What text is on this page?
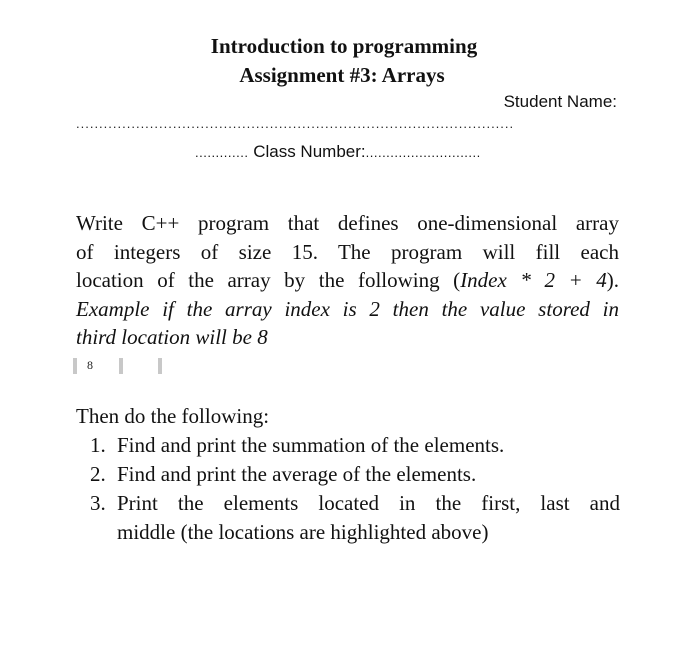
Introduction to programming
Assignment #3: Arrays
Student Name:
...............................................................................................
............. Class Number:............................
Write C++ program that defines one-dimensional array
of integers of size 15. The program will fill each
location of the array by the following (Index * 2 + 4).
Example if the array index is 2 then the value stored in
third location will be 8
8
Then do the following:
1. Find and print the summation of the elements.
2. Find and print the average of the elements.
3. Print the elements located in the first, last and
middle (the locations are highlighted above)
